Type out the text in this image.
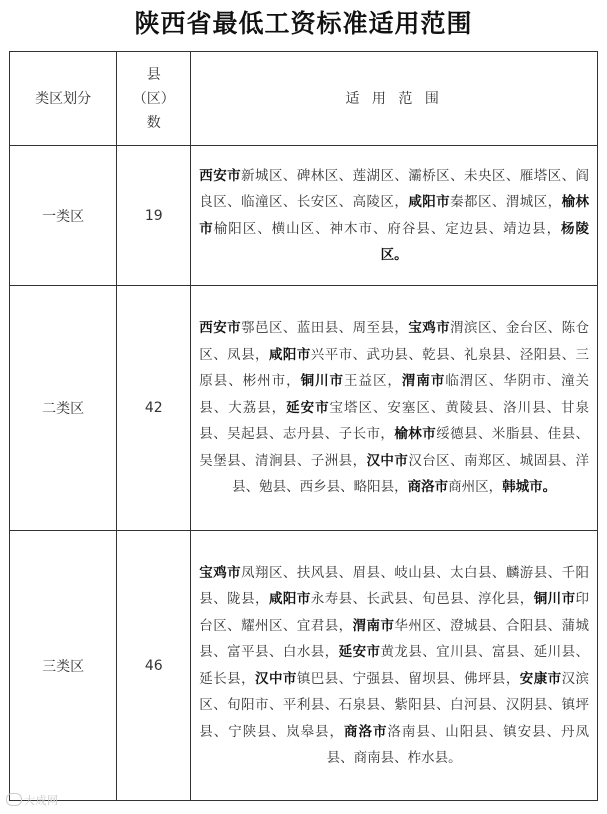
陕西省最低工资标准适用范围
类区划分	县
（区）
数	适 用 范 围
一类区	19	西安市新城区、碑林区、莲湖区、灞桥区、未央区、雁塔区、阎良区、临潼区、长安区、高陵区，咸阳市秦都区、渭城区，榆林市榆阳区、横山区、神木市、府谷县、定边县、靖边县，杨陵区。
二类区	42	西安市鄠邑区、蓝田县、周至县，宝鸡市渭滨区、金台区、陈仓区、凤县，咸阳市兴平市、武功县、乾县、礼泉县、泾阳县、三原县、彬州市，铜川市王益区，渭南市临渭区、华阴市、潼关县、大荔县，延安市宝塔区、安塞区、黄陵县、洛川县、甘泉县、吴起县、志丹县、子长市，榆林市绥德县、米脂县、佳县、吴堡县、清涧县、子洲县，汉中市汉台区、南郑区、城固县、洋县、勉县、西乡县、略阳县，商洛市商州区，韩城市。
三类区	46	宝鸡市凤翔区、扶风县、眉县、岐山县、太白县、麟游县、千阳县、陇县，咸阳市永寿县、长武县、旬邑县、淳化县，铜川市印台区、耀州区、宜君县，渭南市华州区、澄城县、合阳县、蒲城县、富平县、白水县，延安市黄龙县、宜川县、富县、延川县、延长县，汉中市镇巴县、宁强县、留坝县、佛坪县，安康市汉滨区、旬阳市、平利县、石泉县、紫阳县、白河县、汉阴县、镇坪县、宁陕县、岚皋县，商洛市洛南县、山阳县、镇安县、丹凤县、商南县、柞水县。
大成网
